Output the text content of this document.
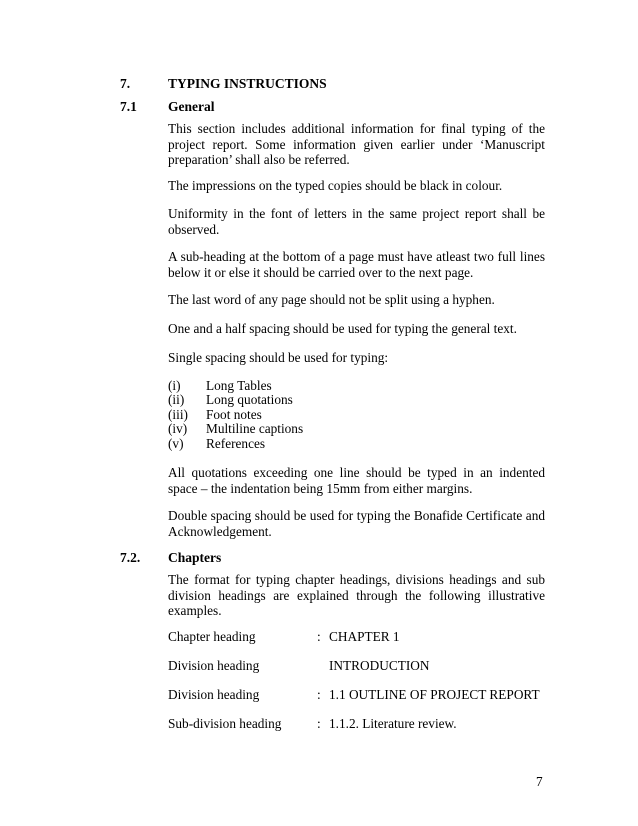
7.	TYPING INSTRUCTIONS
7.1 General

This section includes additional information for final typing of the project report. Some information given earlier under ‘Manuscript preparation’ shall also be referred.

The impressions on the typed copies should be black in colour.

Uniformity in the font of letters in the same project report shall be observed.

A sub-heading at the bottom of a page must have atleast two full lines below it or else it should be carried over to the next page.

The last word of any page should not be split using a hyphen.

One and a half spacing should be used for typing the general text.

Single spacing should be used for typing:

(i) Long Tables
(ii) Long quotations
(iii) Foot notes
(iv) Multiline captions
(v) References

All quotations exceeding one line should be typed in an indented space – the indentation being 15mm from either margins.

Double spacing should be used for typing the Bonafide Certificate and Acknowledgement.

7.2. Chapters

The format for typing chapter headings, divisions headings and sub division headings are explained through the following illustrative examples.

Chapter heading	: CHAPTER 1
Division heading	INTRODUCTION
Division heading	: 1.1 OUTLINE OF PROJECT REPORT
Sub-division heading	: 1.1.2. Literature review.
7
